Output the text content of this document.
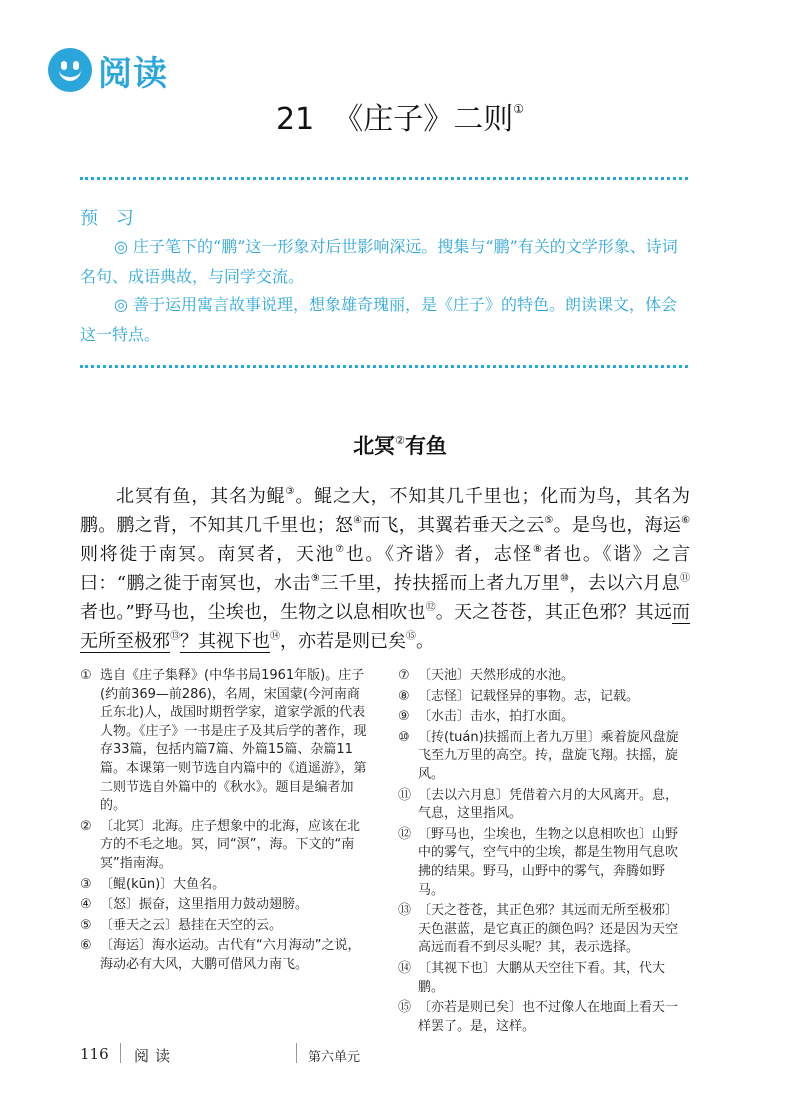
阅读
21 《庄子》二则①
预 习
◎ 庄子笔下的“鹏”这一形象对后世影响深远。搜集与“鹏”有关的文学形象、诗词名句、成语典故，与同学交流。
◎ 善于运用寓言故事说理，想象雄奇瑰丽，是《庄子》的特色。朗读课文，体会这一特点。
北冥②有鱼
北冥有鱼，其名为鲲③。鲲之大，不知其几千里也；化而为鸟，其名为鹏。鹏之背，不知其几千里也；怒④而飞，其翼若垂天之云⑤。是鸟也，海运⑥则将徙于南冥。南冥者，天池⑦也。《齐谐》者，志怪⑧者也。《谐》之言曰：“鹏之徙于南冥也，水击⑨三千里，抟扶摇而上者九万里⑩，去以六月息⑪者也。”野马也，尘埃也，生物之以息相吹也⑫。天之苍苍，其正色邪？其远而无所至极邪⑬？其视下也⑭，亦若是则已矣⑮。
① 选自《庄子集释》(中华书局1961年版)。庄子(约前369—前286)，名周，宋国蒙(今河南商丘东北)人，战国时期哲学家，道家学派的代表人物。《庄子》一书是庄子及其后学的著作，现存33篇，包括内篇7篇、外篇15篇、杂篇11篇。本课第一则节选自内篇中的《逍遥游》，第二则节选自外篇中的《秋水》。题目是编者加的。
② 〔北冥〕北海。庄子想象中的北海，应该在北方的不毛之地。冥，同“溟”，海。下文的“南冥”指南海。
③ 〔鲲(kūn)〕大鱼名。
④ 〔怒〕振奋，这里指用力鼓动翅膀。
⑤ 〔垂天之云〕悬挂在天空的云。
⑥ 〔海运〕海水运动。古代有“六月海动”之说，海动必有大风，大鹏可借风力南飞。
⑦ 〔天池〕天然形成的水池。
⑧ 〔志怪〕记载怪异的事物。志，记载。
⑨ 〔水击〕击水，拍打水面。
⑩ 〔抟(tuán)扶摇而上者九万里〕乘着旋风盘旋飞至九万里的高空。抟，盘旋飞翔。扶摇，旋风。
⑪ 〔去以六月息〕凭借着六月的大风离开。息，气息，这里指风。
⑫ 〔野马也，尘埃也，生物之以息相吹也〕山野中的雾气，空气中的尘埃，都是生物用气息吹拂的结果。野马，山野中的雾气，奔腾如野马。
⑬ 〔天之苍苍，其正色邪？其远而无所至极邪〕天色湛蓝，是它真正的颜色吗？还是因为天空高远而看不到尽头呢？其，表示选择。
⑭ 〔其视下也〕大鹏从天空往下看。其，代大鹏。
⑮ 〔亦若是则已矣〕也不过像人在地面上看天一样罢了。是，这样。
116 阅读	第六单元
